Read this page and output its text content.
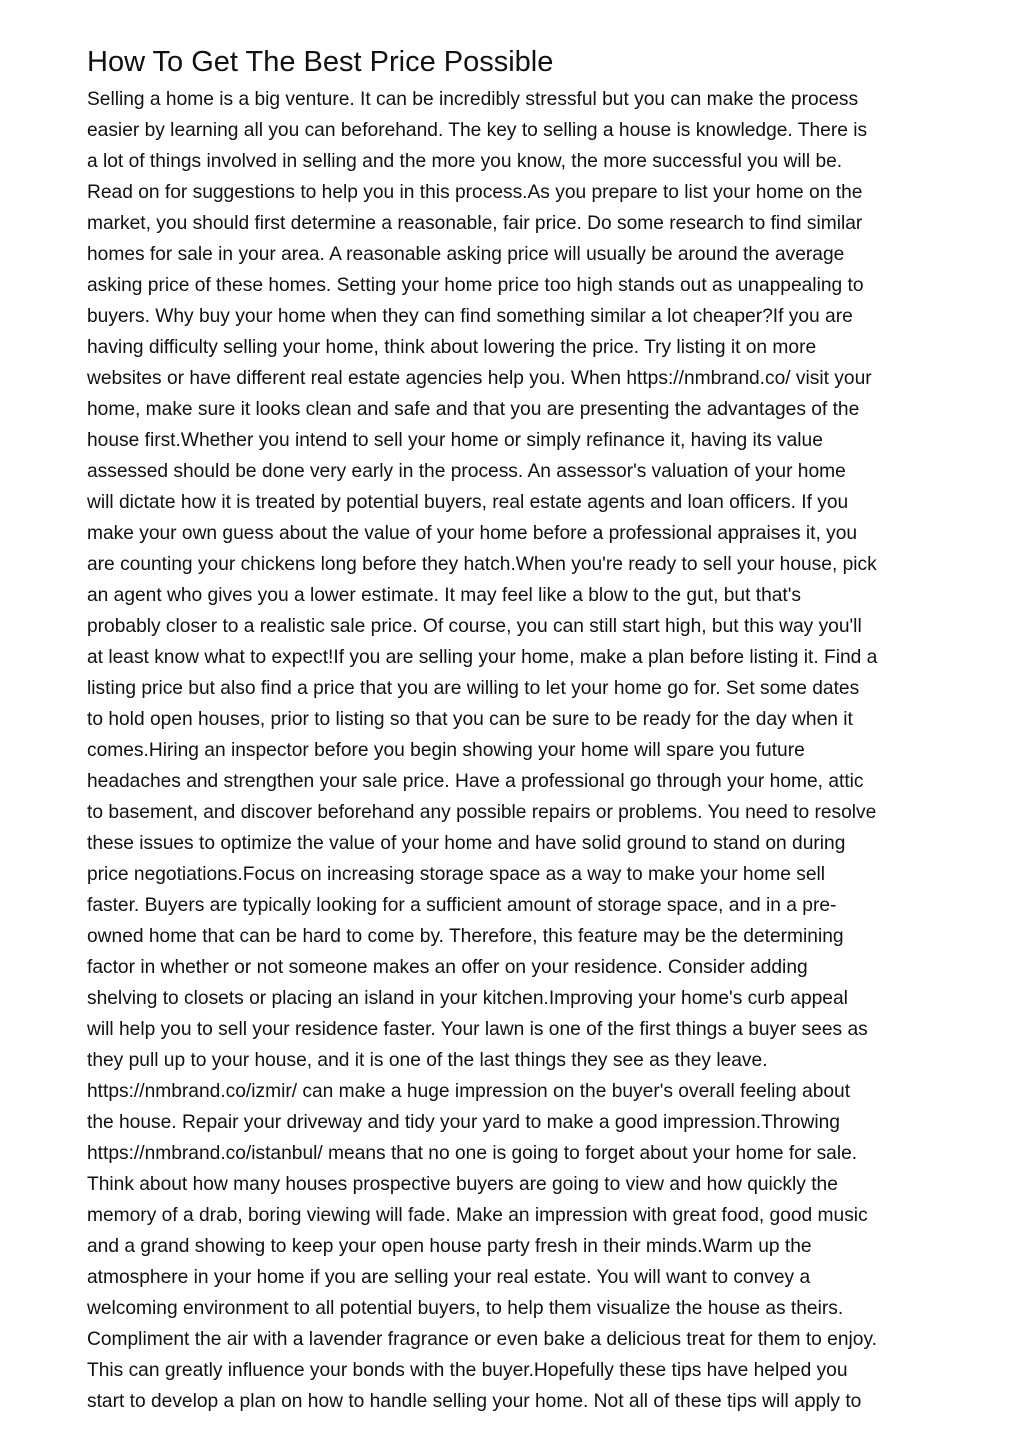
How To Get The Best Price Possible
Selling a home is a big venture. It can be incredibly stressful but you can make the process
easier by learning all you can beforehand. The key to selling a house is knowledge. There is
a lot of things involved in selling and the more you know, the more successful you will be.
Read on for suggestions to help you in this process.As you prepare to list your home on the
market, you should first determine a reasonable, fair price. Do some research to find similar
homes for sale in your area. A reasonable asking price will usually be around the average
asking price of these homes. Setting your home price too high stands out as unappealing to
buyers. Why buy your home when they can find something similar a lot cheaper?If you are
having difficulty selling your home, think about lowering the price. Try listing it on more
websites or have different real estate agencies help you. When https://nmbrand.co/ visit your
home, make sure it looks clean and safe and that you are presenting the advantages of the
house first.Whether you intend to sell your home or simply refinance it, having its value
assessed should be done very early in the process. An assessor's valuation of your home
will dictate how it is treated by potential buyers, real estate agents and loan officers. If you
make your own guess about the value of your home before a professional appraises it, you
are counting your chickens long before they hatch.When you're ready to sell your house, pick
an agent who gives you a lower estimate. It may feel like a blow to the gut, but that's
probably closer to a realistic sale price. Of course, you can still start high, but this way you'll
at least know what to expect!If you are selling your home, make a plan before listing it. Find a
listing price but also find a price that you are willing to let your home go for. Set some dates
to hold open houses, prior to listing so that you can be sure to be ready for the day when it
comes.Hiring an inspector before you begin showing your home will spare you future
headaches and strengthen your sale price. Have a professional go through your home, attic
to basement, and discover beforehand any possible repairs or problems. You need to resolve
these issues to optimize the value of your home and have solid ground to stand on during
price negotiations.Focus on increasing storage space as a way to make your home sell
faster. Buyers are typically looking for a sufficient amount of storage space, and in a pre-
owned home that can be hard to come by. Therefore, this feature may be the determining
factor in whether or not someone makes an offer on your residence. Consider adding
shelving to closets or placing an island in your kitchen.Improving your home's curb appeal
will help you to sell your residence faster. Your lawn is one of the first things a buyer sees as
they pull up to your house, and it is one of the last things they see as they leave.
https://nmbrand.co/izmir/ can make a huge impression on the buyer's overall feeling about
the house. Repair your driveway and tidy your yard to make a good impression.Throwing
https://nmbrand.co/istanbul/ means that no one is going to forget about your home for sale.
Think about how many houses prospective buyers are going to view and how quickly the
memory of a drab, boring viewing will fade. Make an impression with great food, good music
and a grand showing to keep your open house party fresh in their minds.Warm up the
atmosphere in your home if you are selling your real estate. You will want to convey a
welcoming environment to all potential buyers, to help them visualize the house as theirs.
Compliment the air with a lavender fragrance or even bake a delicious treat for them to enjoy.
This can greatly influence your bonds with the buyer.Hopefully these tips have helped you
start to develop a plan on how to handle selling your home. Not all of these tips will apply to
